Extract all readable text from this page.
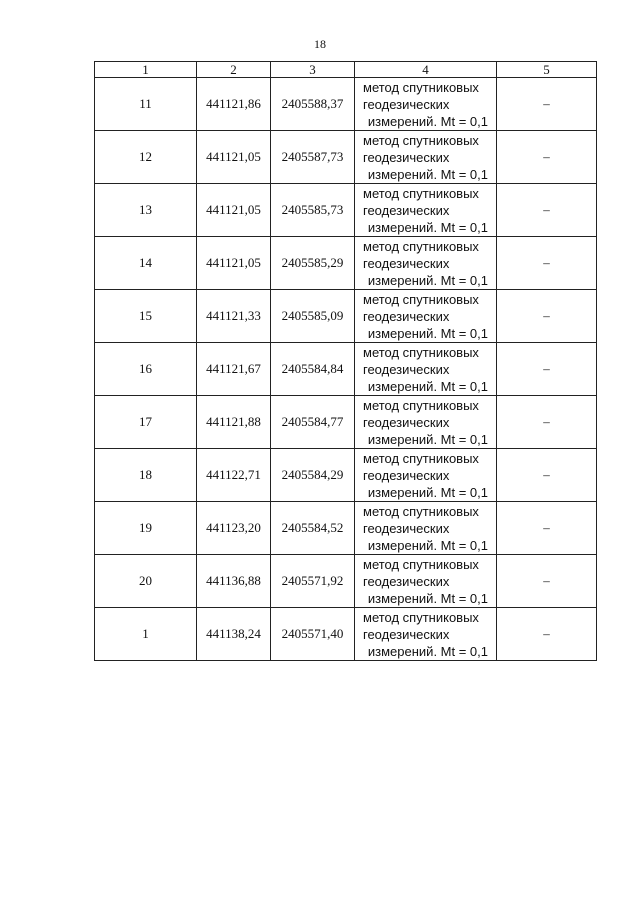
18
1	2	3	4	5
11	441121,86	2405588,37	метод спутниковых
геодезических
измерений. Mt = 0,1	–
12	441121,05	2405587,73	метод спутниковых
геодезических
измерений. Mt = 0,1	–
13	441121,05	2405585,73	метод спутниковых
геодезических
измерений. Mt = 0,1	–
14	441121,05	2405585,29	метод спутниковых
геодезических
измерений. Mt = 0,1	–
15	441121,33	2405585,09	метод спутниковых
геодезических
измерений. Mt = 0,1	–
16	441121,67	2405584,84	метод спутниковых
геодезических
измерений. Mt = 0,1	–
17	441121,88	2405584,77	метод спутниковых
геодезических
измерений. Mt = 0,1	–
18	441122,71	2405584,29	метод спутниковых
геодезических
измерений. Mt = 0,1	–
19	441123,20	2405584,52	метод спутниковых
геодезических
измерений. Mt = 0,1	–
20	441136,88	2405571,92	метод спутниковых
геодезических
измерений. Mt = 0,1	–
1	441138,24	2405571,40	метод спутниковых
геодезических
измерений. Mt = 0,1	–
